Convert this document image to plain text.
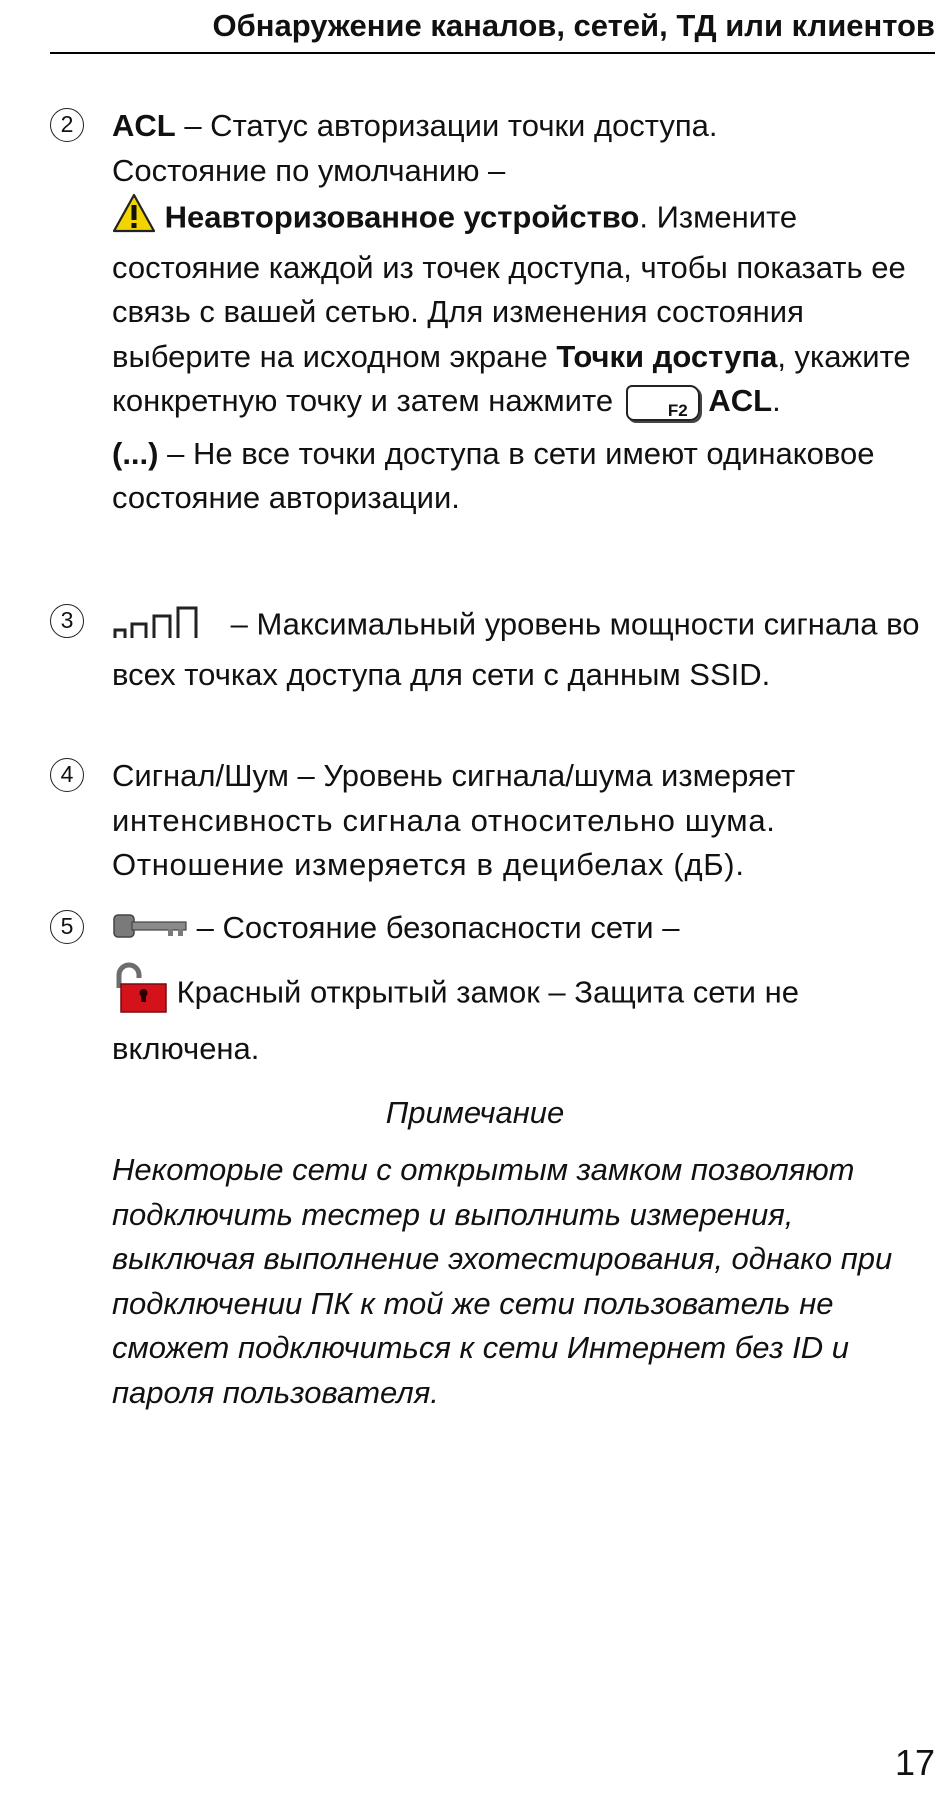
Обнаружение каналов, сетей, ТД или клиентов
2	ACL – Статус авторизации точки доступа.

Состояние по умолчанию –

Неавторизованное устройство. Измените состояние каждой из точек доступа, чтобы показать ее связь с вашей сетью. Для изменения состояния выберите на исходном экране Точки доступа, укажите конкретную точку и затем нажмите	F2 ACL.

(...) – Не все точки доступа в сети имеют одинаковое состояние авторизации.

3	– Максимальный уровень мощности сигнала во всех точках доступа для сети с данным SSID.

4	Сигнал/Шум – Уровень сигнала/шума измеряет

интенсивность сигнала относительно шума.

Отношение измеряется в децибелах (дБ).

5	– Состояние безопасности сети –

Красный открытый замок – Защита сети не включена.

Примечание
Некоторые сети с открытым замком позволяют подключить тестер и выполнить измерения, выключая выполнение эхотестирования, однако при подключении ПК к той же сети пользователь не сможет подключиться к сети Интернет без ID и пароля пользователя.
17
